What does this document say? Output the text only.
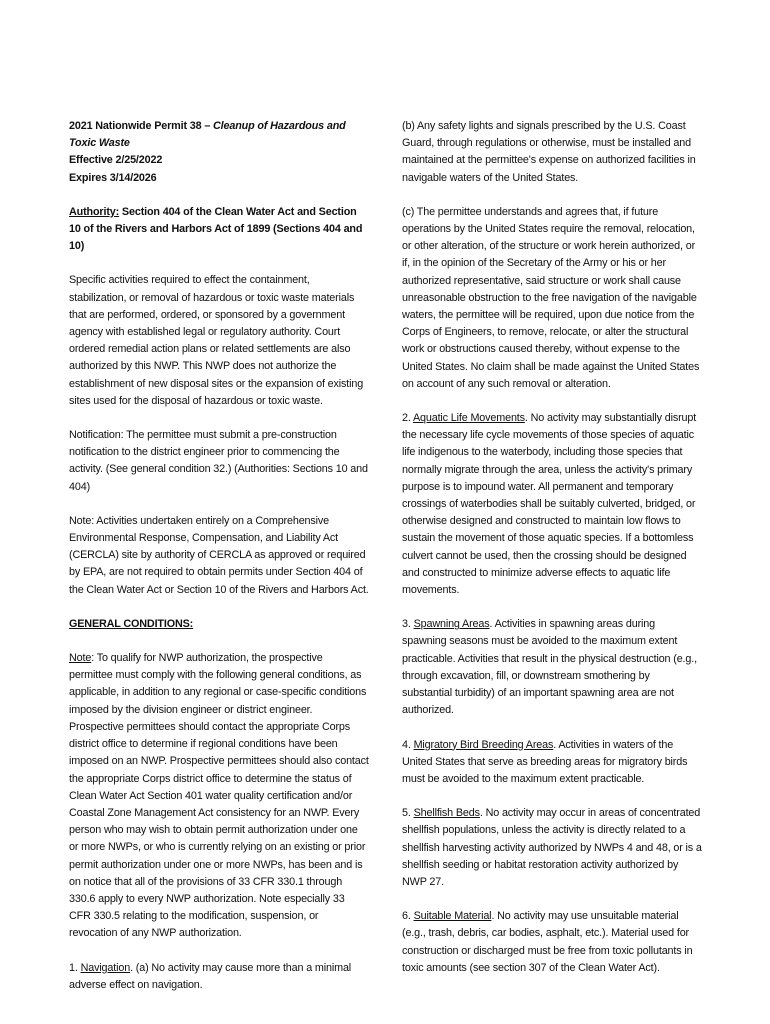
2021 Nationwide Permit 38 – Cleanup of Hazardous and Toxic Waste

Effective 2/25/2022

Expires 3/14/2026

Authority: Section 404 of the Clean Water Act and Section 10 of the Rivers and Harbors Act of 1899 (Sections 404 and 10)

Specific activities required to effect the containment, stabilization, or removal of hazardous or toxic waste materials that are performed, ordered, or sponsored by a government agency with established legal or regulatory authority. Court ordered remedial action plans or related settlements are also authorized by this NWP. This NWP does not authorize the establishment of new disposal sites or the expansion of existing sites used for the disposal of hazardous or toxic waste.

Notification: The permittee must submit a pre-construction notification to the district engineer prior to commencing the activity. (See general condition 32.) (Authorities: Sections 10 and 404)

Note: Activities undertaken entirely on a Comprehensive Environmental Response, Compensation, and Liability Act (CERCLA) site by authority of CERCLA as approved or required by EPA, are not required to obtain permits under Section 404 of the Clean Water Act or Section 10 of the Rivers and Harbors Act.

GENERAL CONDITIONS:

Note: To qualify for NWP authorization, the prospective permittee must comply with the following general conditions, as applicable, in addition to any regional or case-specific conditions imposed by the division engineer or district engineer. Prospective permittees should contact the appropriate Corps district office to determine if regional conditions have been imposed on an NWP. Prospective permittees should also contact the appropriate Corps district office to determine the status of Clean Water Act Section 401 water quality certification and/or Coastal Zone Management Act consistency for an NWP. Every person who may wish to obtain permit authorization under one or more NWPs, or who is currently relying on an existing or prior permit authorization under one or more NWPs, has been and is on notice that all of the provisions of 33 CFR 330.1 through 330.6 apply to every NWP authorization. Note especially 33 CFR 330.5 relating to the modification, suspension, or revocation of any NWP authorization.

1. Navigation. (a) No activity may cause more than a minimal adverse effect on navigation.

(b) Any safety lights and signals prescribed by the U.S. Coast Guard, through regulations or otherwise, must be installed and maintained at the permittee's expense on authorized facilities in navigable waters of the United States.

(c) The permittee understands and agrees that, if future operations by the United States require the removal, relocation, or other alteration, of the structure or work herein authorized, or if, in the opinion of the Secretary of the Army or his or her authorized representative, said structure or work shall cause unreasonable obstruction to the free navigation of the navigable waters, the permittee will be required, upon due notice from the Corps of Engineers, to remove, relocate, or alter the structural work or obstructions caused thereby, without expense to the United States. No claim shall be made against the United States on account of any such removal or alteration.

2. Aquatic Life Movements. No activity may substantially disrupt the necessary life cycle movements of those species of aquatic life indigenous to the waterbody, including those species that normally migrate through the area, unless the activity's primary purpose is to impound water. All permanent and temporary crossings of waterbodies shall be suitably culverted, bridged, or otherwise designed and constructed to maintain low flows to sustain the movement of those aquatic species. If a bottomless culvert cannot be used, then the crossing should be designed and constructed to minimize adverse effects to aquatic life movements.

3. Spawning Areas. Activities in spawning areas during spawning seasons must be avoided to the maximum extent practicable. Activities that result in the physical destruction (e.g., through excavation, fill, or downstream smothering by substantial turbidity) of an important spawning area are not authorized.

4. Migratory Bird Breeding Areas. Activities in waters of the United States that serve as breeding areas for migratory birds must be avoided to the maximum extent practicable.

5. Shellfish Beds. No activity may occur in areas of concentrated shellfish populations, unless the activity is directly related to a shellfish harvesting activity authorized by NWPs 4 and 48, or is a shellfish seeding or habitat restoration activity authorized by NWP 27.

6. Suitable Material. No activity may use unsuitable material (e.g., trash, debris, car bodies, asphalt, etc.). Material used for construction or discharged must be free from toxic pollutants in toxic amounts (see section 307 of the Clean Water Act).
